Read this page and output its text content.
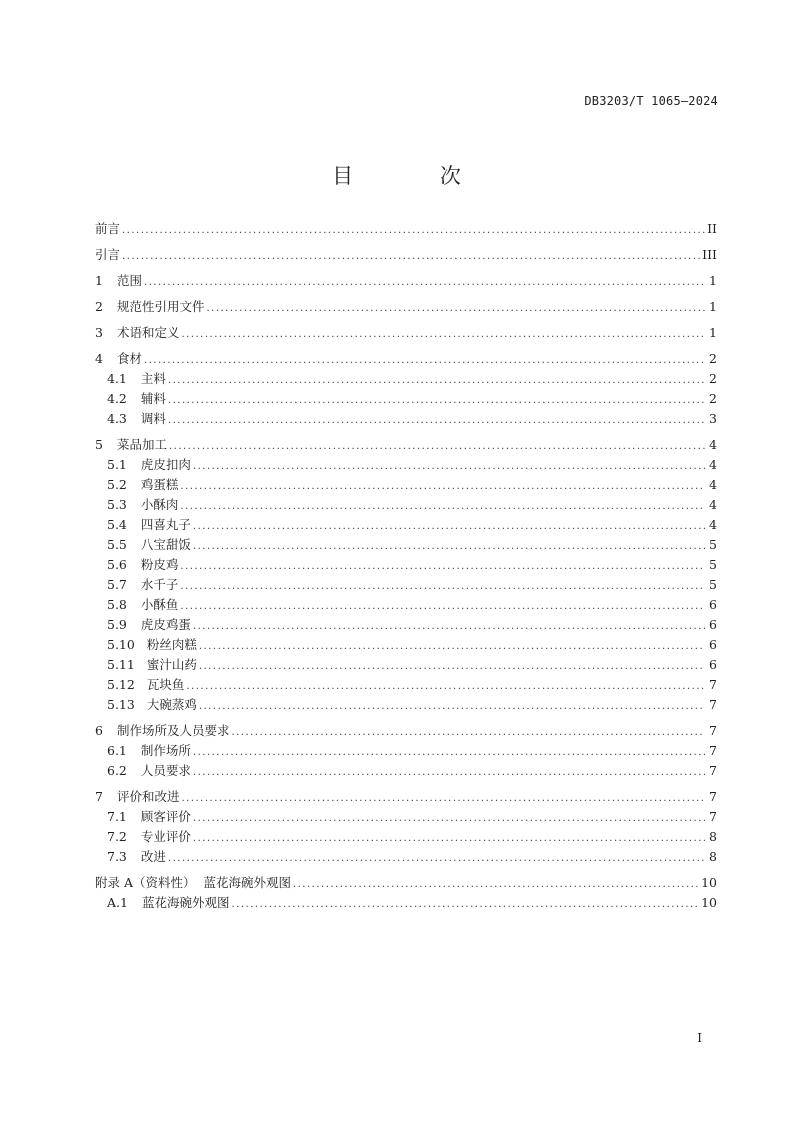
DB3203/T 1065—2024
目 次
前言 .....	II
引言 .....	III
1 范围 .....	1
2 规范性引用文件 .....	1
3 术语和定义 .....	1
4 食材 .....	2
4.1 主料 .....	2
4.2 辅料 .....	2
4.3 调料 .....	3
5 菜品加工 .....	4
5.1 虎皮扣肉 .....	4
5.2 鸡蛋糕 .....	4
5.3 小酥肉 .....	4
5.4 四喜丸子 .....	4
5.5 八宝甜饭 .....	5
5.6 粉皮鸡 .....	5
5.7 水千子 .....	5
5.8 小酥鱼 .....	6
5.9 虎皮鸡蛋 .....	6
5.10 粉丝肉糕 .....	6
5.11 蜜汁山药 .....	6
5.12 瓦块鱼 .....	7
5.13 大碗蒸鸡 .....	7
6 制作场所及人员要求 .....	7
6.1 制作场所 .....	7
6.2 人员要求 .....	7
7 评价和改进 .....	7
7.1 顾客评价 .....	7
7.2 专业评价 .....	8
7.3 改进 .....	8
附录 A（资料性）  蓝花海碗外观图 .....	10
A.1 蓝花海碗外观图 .....	10
I
